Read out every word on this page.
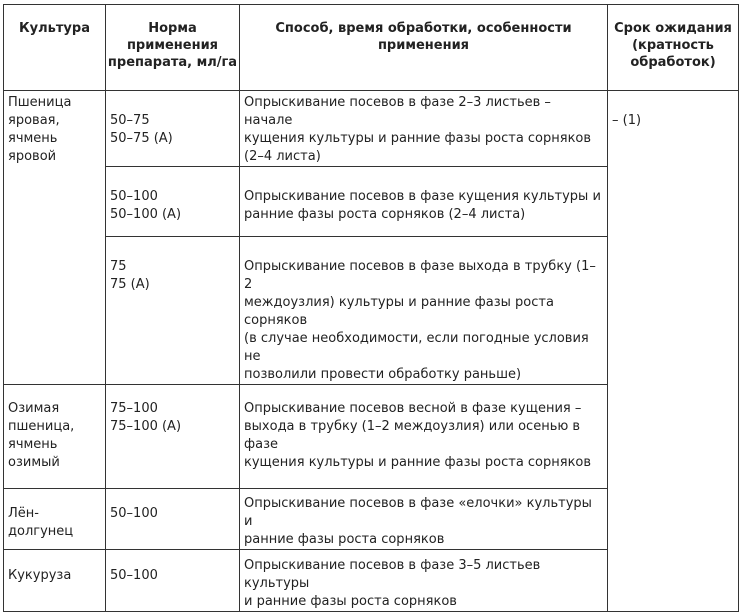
Культура	Норма
применения
препарата, мл/га	Способ, время обработки, особенности
применения	Срок ожидания
(кратность
обработок)

Пшеница
яровая, ячмень
яровой	50–75
50–75 (А)	Опрыскивание посевов в фазе 2–3 листьев – начале
кущения культуры и ранние фазы роста сорняков
(2–4 листа)	– (1)

	50–100
50–100 (А)	Опрыскивание посевов в фазе кущения культуры и
ранние фазы роста сорняков (2–4 листа)	

	75
75 (А)	Опрыскивание посевов в фазе выхода в трубку (1–2
междоузлия) культуры и ранние фазы роста сорняков
(в случае необходимости, если погодные условия не
позволили провести обработку раньше)	

Озимая
пшеница,
ячмень
озимый	75–100
75–100 (А)	Опрыскивание посевов весной в фазе кущения –
выхода в трубку (1–2 междоузлия) или осенью в фазе
кущения культуры и ранние фазы роста сорняков	

Лён-долгунец	50–100	Опрыскивание посевов в фазе «елочки» культуры и
ранние фазы роста сорняков	

Кукуруза	50–100	Опрыскивание посевов в фазе 3–5 листьев культуры
и ранние фазы роста сорняков	
